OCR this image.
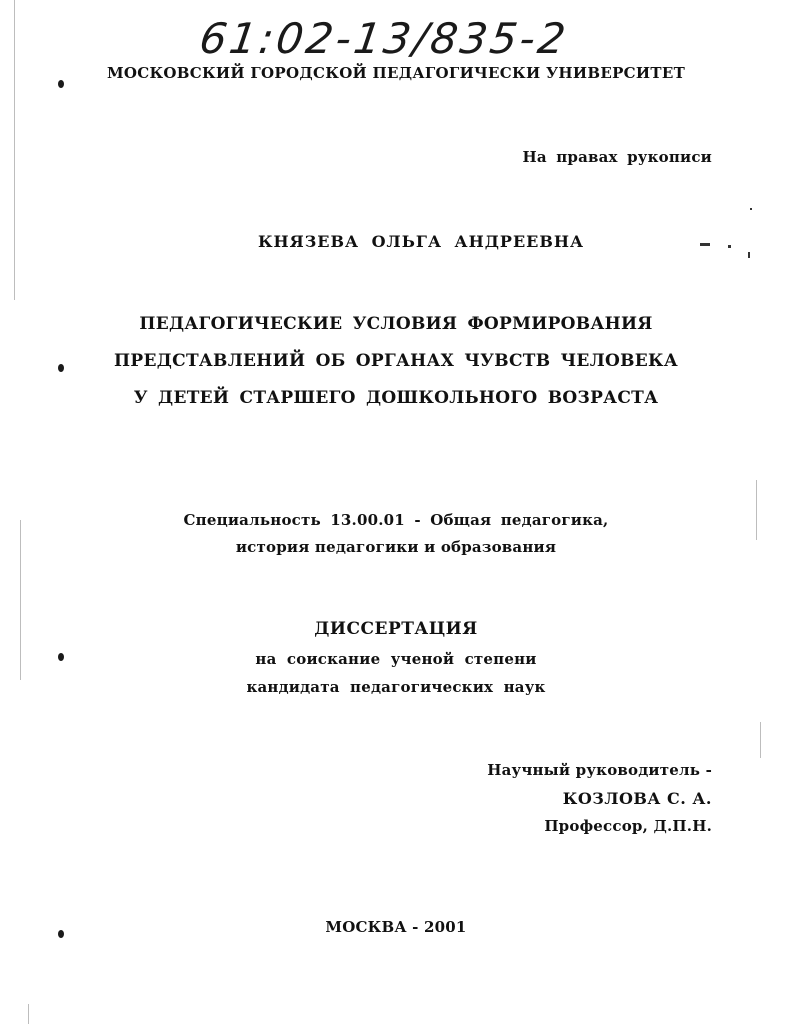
61:02-13/835-2
МОСКОВСКИЙ ГОРОДСКОЙ ПЕДАГОГИЧЕСКИ УНИВЕРСИТЕТ
На правах рукописи
КНЯЗЕВА ОЛЬГА АНДРЕЕВНА
ПЕДАГОГИЧЕСКИЕ УСЛОВИЯ ФОРМИРОВАНИЯ
ПРЕДСТАВЛЕНИЙ ОБ ОРГАНАХ ЧУВСТВ ЧЕЛОВЕКА
У ДЕТЕЙ СТАРШЕГО ДОШКОЛЬНОГО ВОЗРАСТА
Специальность 13.00.01 - Общая педагогика,
история педагогики и образования
ДИССЕРТАЦИЯ
на соискание ученой степени
кандидата педагогических наук
Научный руководитель -
КОЗЛОВА С. А.
Профессор, Д.П.Н.
МОСКВА - 2001
